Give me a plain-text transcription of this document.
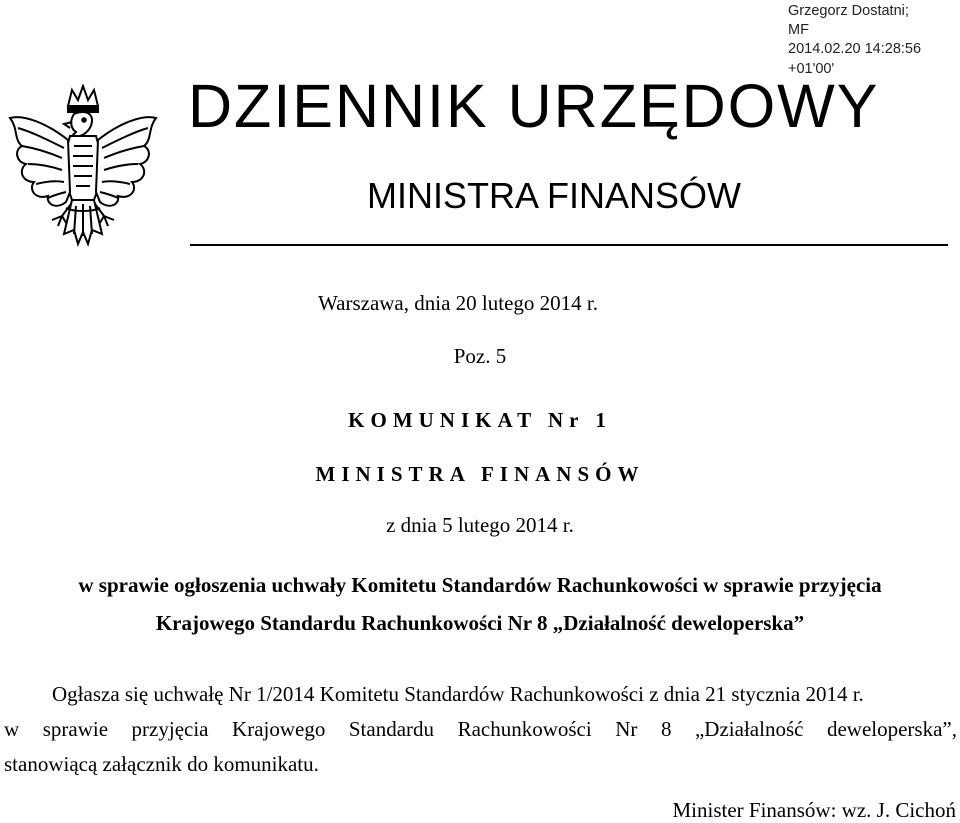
Grzegorz Dostatni;
MF
2014.02.20 14:28:56
+01'00'
DZIENNIK URZĘDOWY
MINISTRA FINANSÓW
Warszawa, dnia 20 lutego 2014 r.
Poz. 5
KOMUNIKAT Nr 1
MINISTRA FINANSÓW
z dnia 5 lutego 2014 r.
w sprawie ogłoszenia uchwały Komitetu Standardów Rachunkowości w sprawie przyjęcia
Krajowego Standardu Rachunkowości Nr 8 „Działalność deweloperska”
Ogłasza się uchwałę Nr 1/2014 Komitetu Standardów Rachunkowości z dnia 21 stycznia 2014 r.
w sprawie przyjęcia Krajowego Standardu Rachunkowości Nr 8 „Działalność deweloperska”,
stanowiącą załącznik do komunikatu.
Minister Finansów: wz. J. Cichoń
